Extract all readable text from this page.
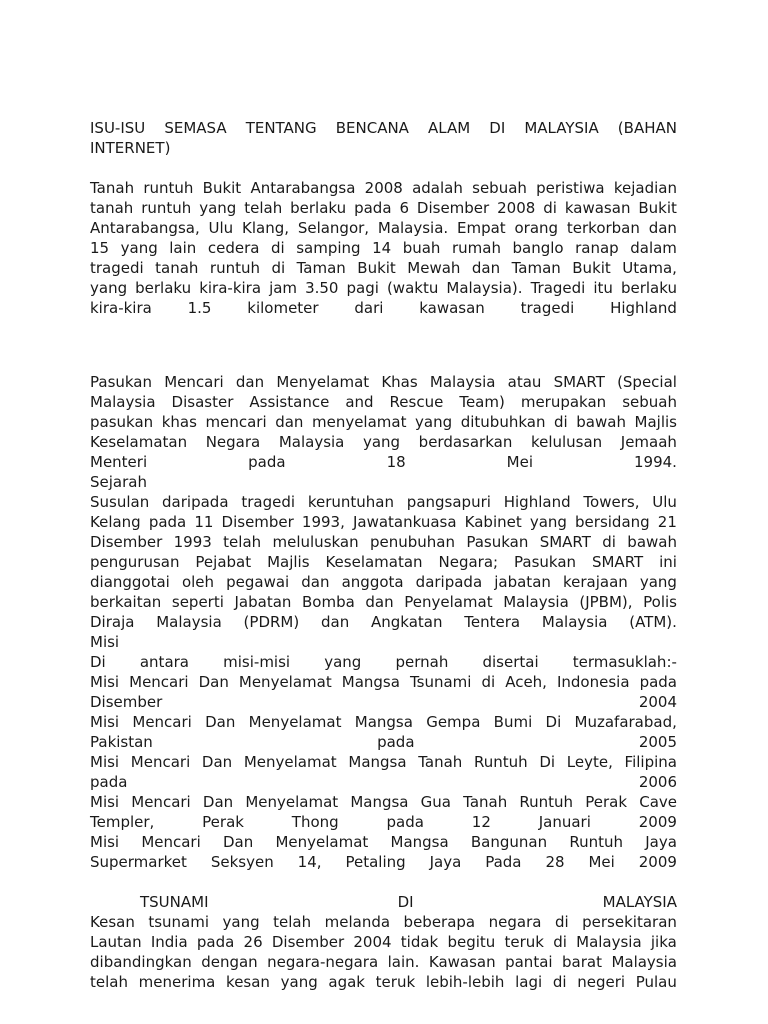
ISU-ISU SEMASA TENTANG BENCANA ALAM DI MALAYSIA (BAHAN
INTERNET)
Tanah runtuh Bukit Antarabangsa 2008 adalah sebuah peristiwa kejadian
tanah runtuh yang telah berlaku pada 6 Disember 2008 di kawasan Bukit
Antarabangsa, Ulu Klang, Selangor, Malaysia. Empat orang terkorban dan
15 yang lain cedera di samping 14 buah rumah banglo ranap dalam
tragedi tanah runtuh di Taman Bukit Mewah dan Taman Bukit Utama,
yang berlaku kira-kira jam 3.50 pagi (waktu Malaysia). Tragedi itu berlaku
kira-kira 1.5 kilometer dari kawasan tragedi Highland
Pasukan Mencari dan Menyelamat Khas Malaysia atau SMART (Special
Malaysia Disaster Assistance and Rescue Team) merupakan sebuah
pasukan khas mencari dan menyelamat yang ditubuhkan di bawah Majlis
Keselamatan Negara Malaysia yang berdasarkan kelulusan Jemaah
Menteri	pada	18	Mei	1994.
Sejarah
Susulan daripada tragedi keruntuhan pangsapuri Highland Towers, Ulu
Kelang pada 11 Disember 1993, Jawatankuasa Kabinet yang bersidang 21
Disember 1993 telah meluluskan penubuhan Pasukan SMART di bawah
pengurusan Pejabat Majlis Keselamatan Negara; Pasukan SMART ini
dianggotai oleh pegawai dan anggota daripada jabatan kerajaan yang
berkaitan seperti Jabatan Bomba dan Penyelamat Malaysia (JPBM), Polis
Diraja Malaysia (PDRM) dan Angkatan Tentera Malaysia (ATM).
Misi
Di antara misi-misi yang pernah disertai termasuklah:-
Misi Mencari Dan Menyelamat Mangsa Tsunami di Aceh, Indonesia pada
Disember	2004
Misi Mencari Dan Menyelamat Mangsa Gempa Bumi Di Muzafarabad,
Pakistan	pada	2005
Misi Mencari Dan Menyelamat Mangsa Tanah Runtuh Di Leyte, Filipina
pada	2006
Misi Mencari Dan Menyelamat Mangsa Gua Tanah Runtuh Perak Cave
Templer,	Perak	Thong	pada	12	Januari	2009
Misi Mencari Dan Menyelamat Mangsa Bangunan Runtuh Jaya
Supermarket Seksyen 14, Petaling Jaya Pada 28 Mei 2009
TSUNAMI	DI	MALAYSIA
Kesan tsunami yang telah melanda beberapa negara di persekitaran
Lautan India pada 26 Disember 2004 tidak begitu teruk di Malaysia jika
dibandingkan dengan negara-negara lain. Kawasan pantai barat Malaysia
telah menerima kesan yang agak teruk lebih-lebih lagi di negeri Pulau
